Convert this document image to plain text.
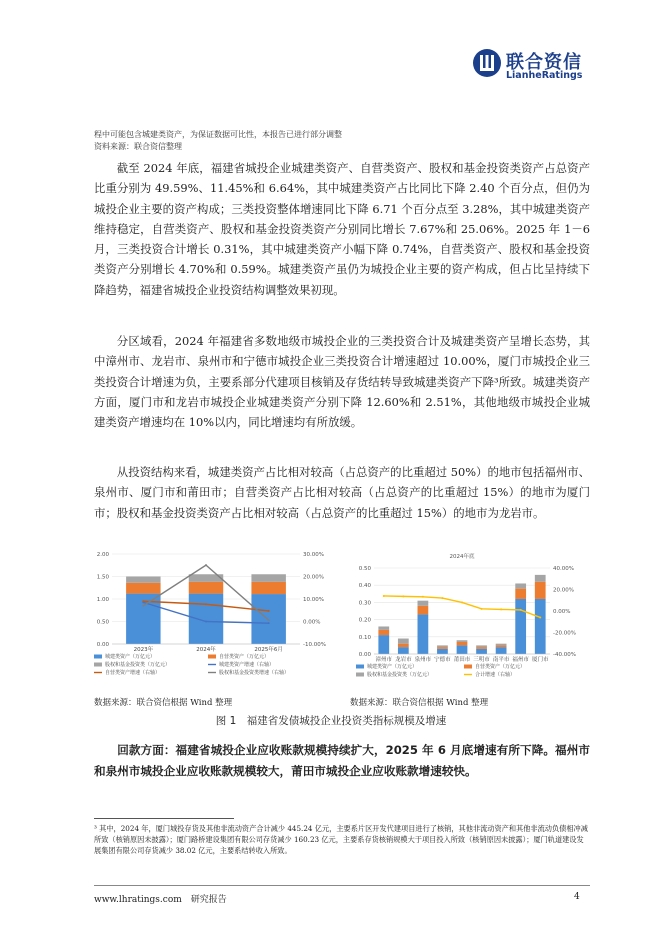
联合资信
LianheRatings
程中可能包含城建类资产，为保证数据可比性，本报告已进行部分调整
资料来源：联合资信整理

截至 2024 年底，福建省城投企业城建类资产、自营类资产、股权和基金投资类资产占总资产比重分别为 49.59%、11.45%和 6.64%，其中城建类资产占比同比下降 2.40 个百分点，但仍为城投企业主要的资产构成；三类投资整体增速同比下降 6.71 个百分点至 3.28%，其中城建类资产维持稳定，自营类资产、股权和基金投资类资产分别同比增长 7.67%和 25.06%。2025 年 1－6 月，三类投资合计增长 0.31%，其中城建类资产小幅下降 0.74%，自营类资产、股权和基金投资类资产分别增长 4.70%和 0.59%。城建类资产虽仍为城投企业主要的资产构成，但占比呈持续下降趋势，福建省城投企业投资结构调整效果初现。

分区域看，2024 年福建省多数地级市城投企业的三类投资合计及城建类资产呈增长态势，其中漳州市、龙岩市、泉州市和宁德市城投企业三类投资合计增速超过 10.00%，厦门市城投企业三类投资合计增速为负，主要系部分代建项目核销及存货结转导致城建类资产下降³所致。城建类资产方面，厦门市和龙岩市城投企业城建类资产分别下降 12.60%和 2.51%，其他地级市城投企业城建类资产增速均在 10%以内，同比增速均有所放缓。

从投资结构来看，城建类资产占比相对较高（占总资产的比重超过 50%）的地市包括福州市、泉州市、厦门市和莆田市；自营类资产占比相对较高（占总资产的比重超过 15%）的地市为厦门市；股权和基金投资类资产占比相对较高（占总资产的比重超过 15%）的地市为龙岩市。

0.00
0.50
1.00
1.50
2.00
-10.00%
0.00%
10.00%
20.00%
30.00%
2023年	2024年	2025年6月
城建类资产（万亿元）	自营类资产（万亿元）
股权和基金投资类（万亿元）	城建类资产增速（右轴）
自营类资产增速（右轴）	股权和基金投资类增速（右轴）
数据来源：联合资信根据 Wind 整理
2024年底
0.00
0.10
0.20
0.30
0.40
0.50
-40.00%
-20.00%
0.00%
20.00%
40.00%
漳州市 龙岩市 泉州市 宁德市 莆田市 三明市 南平市 福州市 厦门市
城建类资产（万亿元）	自营类资产（万亿元）
股权和基金投资类（万亿元）	合计增速（右轴）
数据来源：联合资信根据 Wind 整理
图 1　福建省发债城投企业投资类指标规模及增速

回款方面：福建省城投企业应收账款规模持续扩大，2025 年 6 月底增速有所下降。福州市和泉州市城投企业应收账款规模较大，莆田市城投企业应收账款增速较快。

³ 其中，2024 年，厦门城投存货及其他非流动资产合计减少 445.24 亿元，主要系片区开发代建项目进行了核销，其他非流动资产和其他非流动负债相冲减所致（核销原因未披露）；厦门路桥建设集团有限公司存货减少 160.23 亿元，主要系存货核销规模大于项目投入所致（核销原因未披露）；厦门轨道建设发展集团有限公司存货减少 38.02 亿元，主要系结转收入所致。

www.lhratings.com　研究报告	4
